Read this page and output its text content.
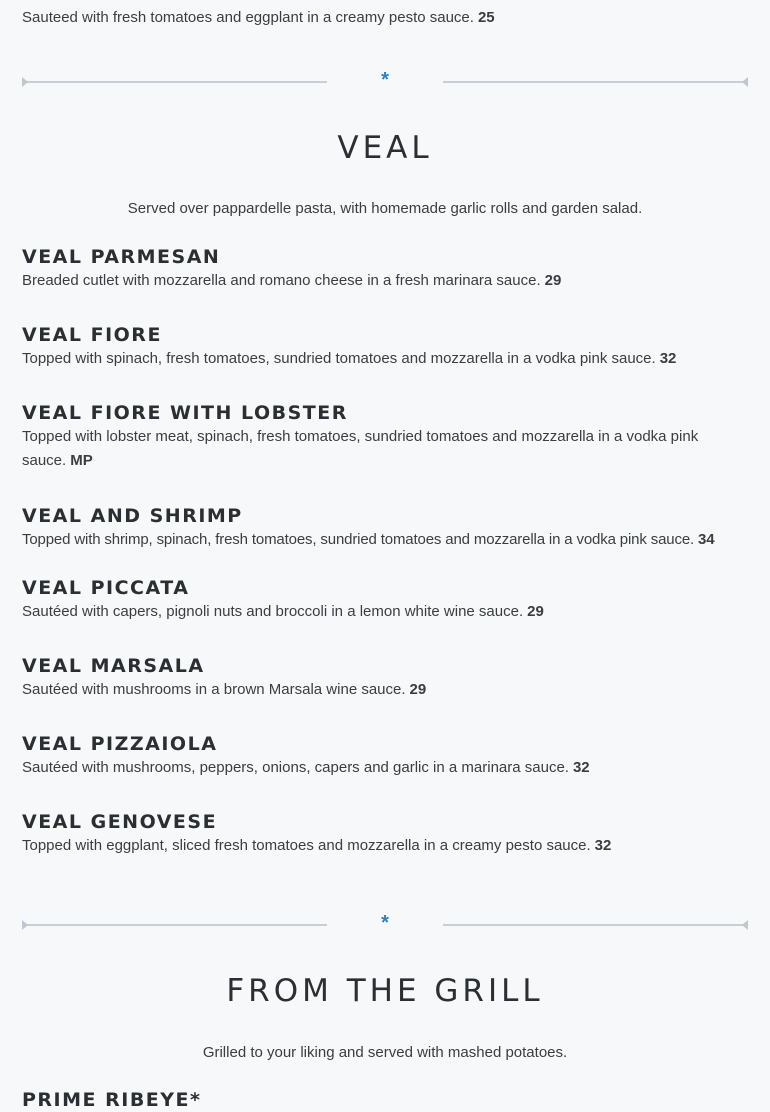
Sauteed with fresh tomatoes and eggplant in a creamy pesto sauce. 25

*
VEAL

Served over pappardelle pasta, with homemade garlic rolls and garden salad.

VEAL PARMESAN

Breaded cutlet with mozzarella and romano cheese in a fresh marinara sauce. 29

VEAL FIORE

Topped with spinach, fresh tomatoes, sundried tomatoes and mozzarella in a vodka pink sauce. 32

VEAL FIORE WITH LOBSTER

Topped with lobster meat, spinach, fresh tomatoes, sundried tomatoes and mozzarella in a vodka pink sauce. MP

VEAL AND SHRIMP

Topped with shrimp, spinach, fresh tomatoes, sundried tomatoes and mozzarella in a vodka pink sauce. 34

VEAL PICCATA

Sautéed with capers, pignoli nuts and broccoli in a lemon white wine sauce. 29

VEAL MARSALA

Sautéed with mushrooms in a brown Marsala wine sauce. 29

VEAL PIZZAIOLA

Sautéed with mushrooms, peppers, onions, capers and garlic in a marinara sauce. 32

VEAL GENOVESE

Topped with eggplant, sliced fresh tomatoes and mozzarella in a creamy pesto sauce. 32

*
FROM THE GRILL

Grilled to your liking and served with mashed potatoes.

PRIME RIBEYE*
